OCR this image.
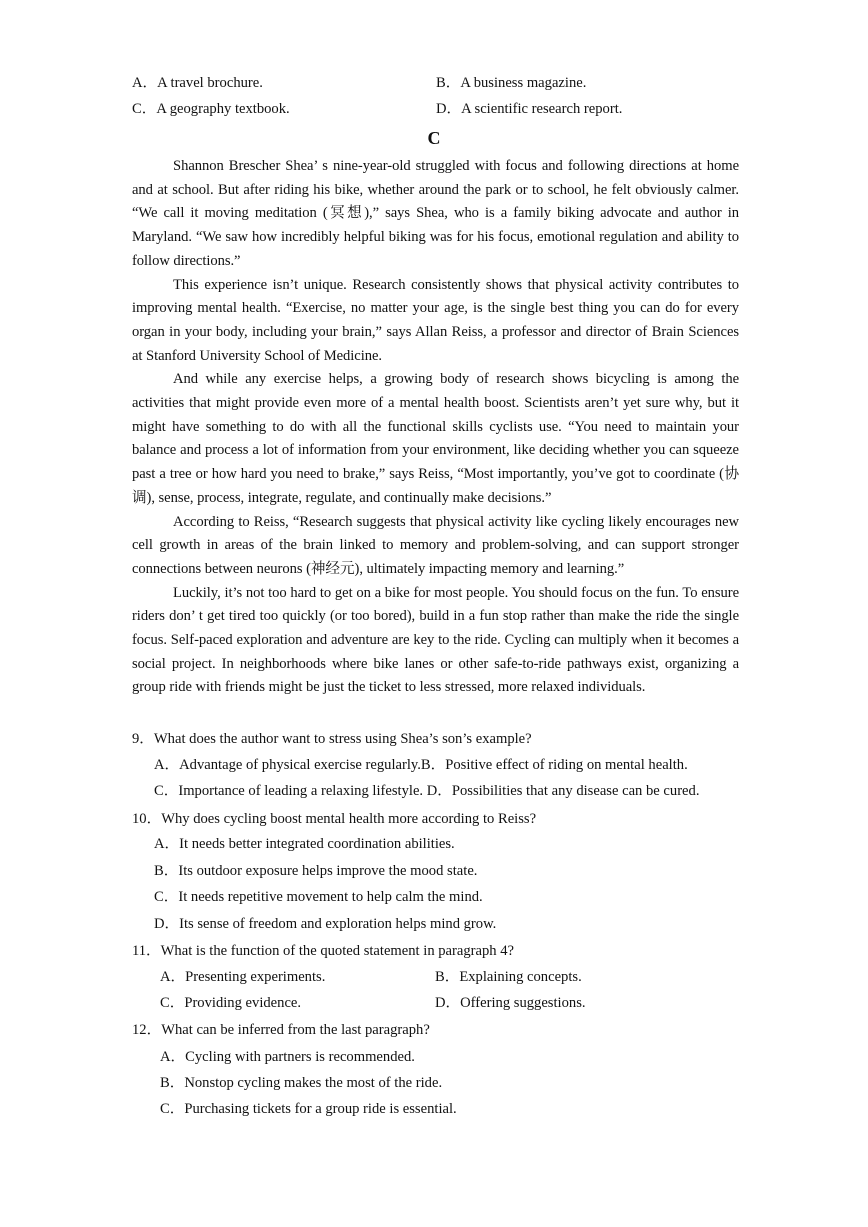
A．A travel brochure.	B．A business magazine.
C．A geography textbook.	D．A scientific research report.
C

Shannon Brescher Shea’ s nine-year-old struggled with focus and following directions at home and at school. But after riding his bike, whether around the park or to school, he felt obviously calmer. “We call it moving meditation (冥想),” says Shea, who is a family biking advocate and author in Maryland. “We saw how incredibly helpful biking was for his focus, emotional regulation and ability to follow directions.”

This experience isn’t unique. Research consistently shows that physical activity contributes to improving mental health. “Exercise, no matter your age, is the single best thing you can do for every organ in your body, including your brain,” says Allan Reiss, a professor and director of Brain Sciences at Stanford University School of Medicine.

And while any exercise helps, a growing body of research shows bicycling is among the activities that might provide even more of a mental health boost. Scientists aren’t yet sure why, but it might have something to do with all the functional skills cyclists use. “You need to maintain your balance and process a lot of information from your environment, like deciding whether you can squeeze past a tree or how hard you need to brake,” says Reiss, “Most importantly, you’ve got to coordinate (协调), sense, process, integrate, regulate, and continually make decisions.”

According to Reiss, “Research suggests that physical activity like cycling likely encourages new cell growth in areas of the brain linked to memory and problem-solving, and can support stronger connections between neurons (神经元), ultimately impacting memory and learning.”

Luckily, it’s not too hard to get on a bike for most people. You should focus on the fun. To ensure riders don’ t get tired too quickly (or too bored), build in a fun stop rather than make the ride the single focus. Self-paced exploration and adventure are key to the ride. Cycling can multiply when it becomes a social project. In neighborhoods where bike lanes or other safe-to-ride pathways exist, organizing a group ride with friends might be just the ticket to less stressed, more relaxed individuals.

9．What does the author want to stress using Shea’s son’s example?
A．Advantage of physical exercise regularly.B．Positive effect of riding on mental health.
C．Importance of leading a relaxing lifestyle. D．Possibilities that any disease can be cured.
10．Why does cycling boost mental health more according to Reiss?
A．It needs better integrated coordination abilities.
B．Its outdoor exposure helps improve the mood state.
C．It needs repetitive movement to help calm the mind.
D．Its sense of freedom and exploration helps mind grow.
11．What is the function of the quoted statement in paragraph 4?
A．Presenting experiments.	B．Explaining concepts.
C．Providing evidence.	D．Offering suggestions.
12．What can be inferred from the last paragraph?
A．Cycling with partners is recommended.
B．Nonstop cycling makes the most of the ride.
C．Purchasing tickets for a group ride is essential.
